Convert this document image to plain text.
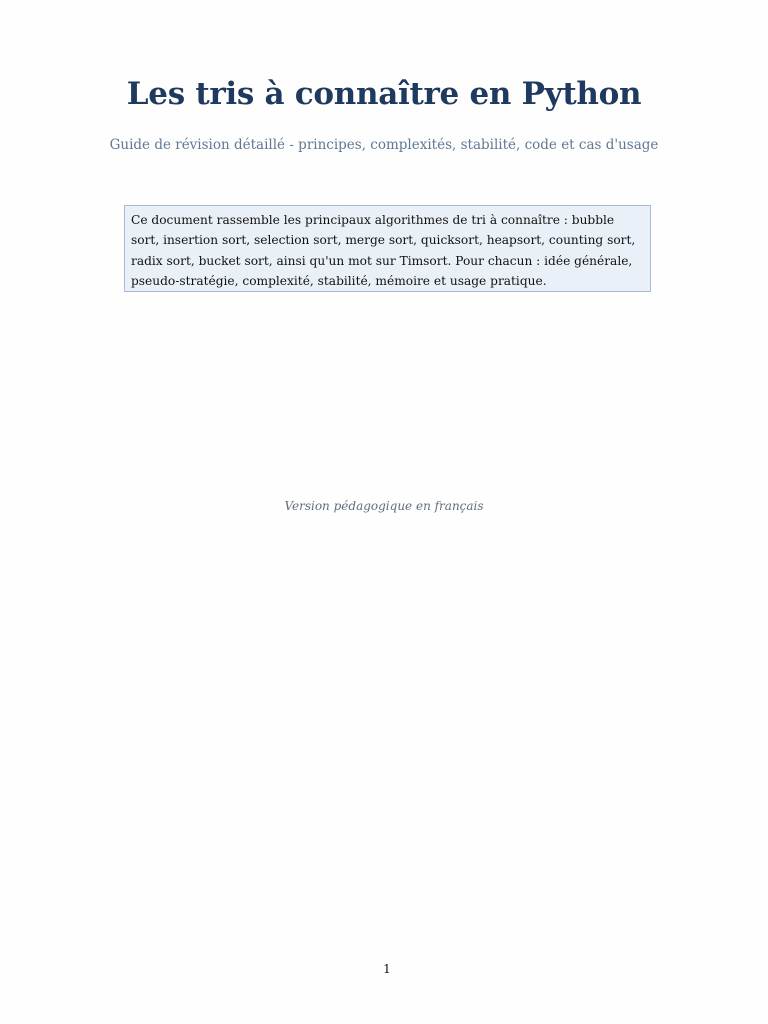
Les tris à connaître en Python

Guide de révision détaillé - principes, complexités, stabilité, code et cas d'usage

Ce document rassemble les principaux algorithmes de tri à connaître : bubble sort, insertion sort, selection sort, merge sort, quicksort, heapsort, counting sort, radix sort, bucket sort, ainsi qu'un mot sur Timsort. Pour chacun : idée générale, pseudo-stratégie, complexité, stabilité, mémoire et usage pratique.

Version pédagogique en français

1
